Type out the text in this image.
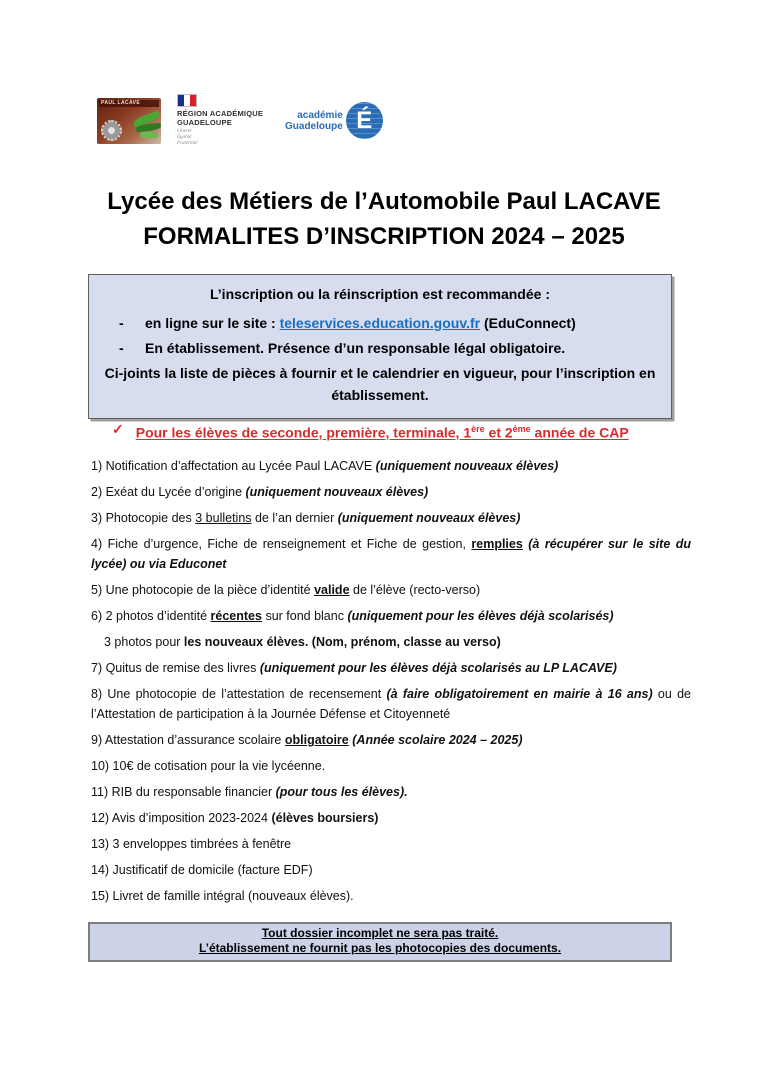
PAUL LACAVE
RÉGION ACADÉMIQUE
GUADELOUPE
Liberté
Égalité
Fraternité
académie
Guadeloupe É
Lycée des Métiers de l’Automobile Paul LACAVE
FORMALITES D’INSCRIPTION 2024 – 2025
L’inscription ou la réinscription est recommandée :
-	en ligne sur le site : teleservices.education.gouv.fr (EduConnect)
-	En établissement. Présence d’un responsable légal obligatoire.
Ci-joints la liste de pièces à fournir et le calendrier en vigueur, pour l’inscription en établissement.
✓ Pour les élèves de seconde, première, terminale, 1ère et 2ème année de CAP

1) Notification d’affectation au Lycée Paul LACAVE (uniquement nouveaux élèves)

2) Exéat du Lycée d’origine (uniquement nouveaux élèves)

3) Photocopie des 3 bulletins de l’an dernier (uniquement nouveaux élèves)

4) Fiche d’urgence, Fiche de renseignement et Fiche de gestion, remplies (à récupérer sur le site du lycée) ou via Educonet

5) Une photocopie de la pièce d’identité valide de l’élève (recto-verso)

6) 2 photos d’identité récentes sur fond blanc (uniquement pour les élèves déjà scolarisés)

3 photos pour les nouveaux élèves. (Nom, prénom, classe au verso)

7) Quitus de remise des livres (uniquement pour les élèves déjà scolarisés au LP LACAVE)

8) Une photocopie de l’attestation de recensement (à faire obligatoirement en mairie à 16 ans) ou de l’Attestation de participation à la Journée Défense et Citoyenneté

9) Attestation d’assurance scolaire obligatoire (Année scolaire 2024 – 2025)

10) 10€ de cotisation pour la vie lycéenne.

11) RIB du responsable financier (pour tous les élèves).

12) Avis d’imposition 2023-2024 (élèves boursiers)

13) 3 enveloppes timbrées à fenêtre

14) Justificatif de domicile (facture EDF)

15) Livret de famille intégral (nouveaux élèves).

Tout dossier incomplet ne sera pas traité.
L’établissement ne fournit pas les photocopies des documents.
